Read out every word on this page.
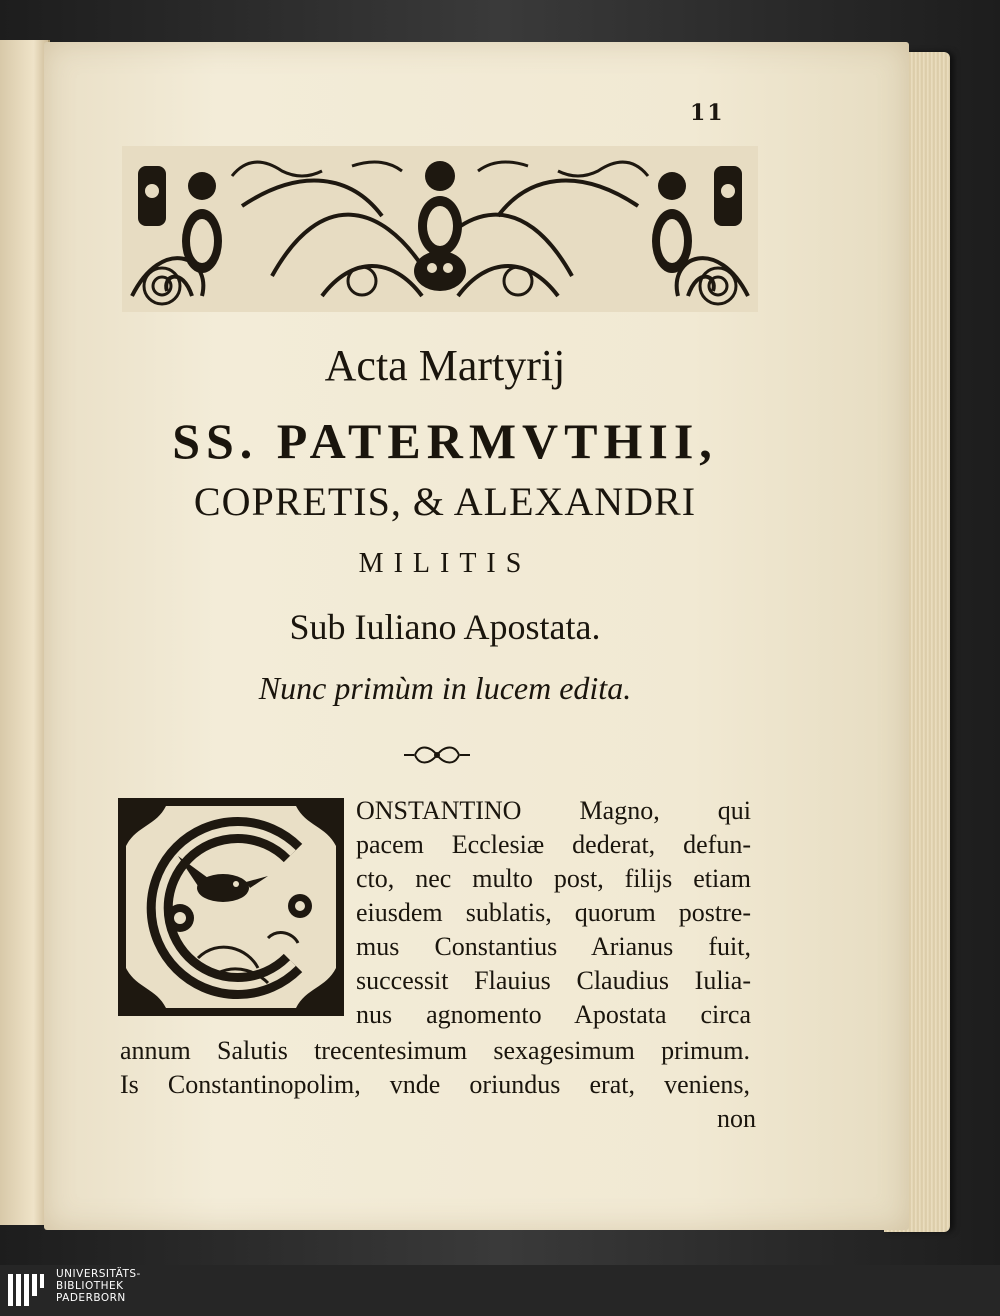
11
Acta Martyrij
SS. PATERMVTHII,
COPRETIS, & ALEXANDRI
MILITIS
Sub Iuliano Apostata.
Nunc primùm in lucem edita.
ONSTANTINO Magno, qui
pacem Ecclesiæ dederat, defun-
cto, nec multo post, filijs etiam
eiusdem sublatis, quorum postre-
mus Constantius Arianus fuit,
successit Flauius Claudius Iulia-
nus agnomento Apostata circa
annum Salutis trecentesimum sexagesimum primum.
Is Constantinopolim, vnde oriundus erat, veniens,
non
UNIVERSITÄTS-
BIBLIOTHEK
PADERBORN
